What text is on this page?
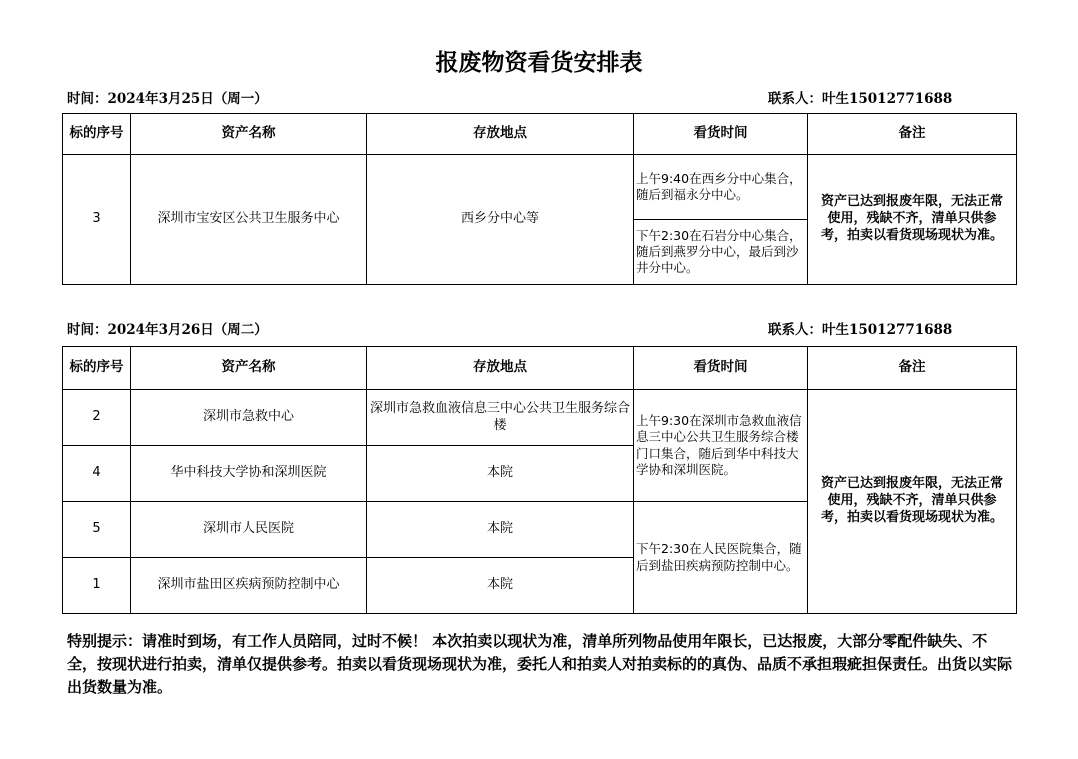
报废物资看货安排表
时间：2024年3月25日（周一）	联系人：叶生15012771688
标的序号	资产名称	存放地点	看货时间	备注
3	深圳市宝安区公共卫生服务中心	西乡分中心等	上午9:40在西乡分中心集合，随后到福永分中心。
下午2:30在石岩分中心集合，随后到燕罗分中心，最后到沙井分中心。	资产已达到报废年限，无法正常使用，残缺不齐，清单只供参考，拍卖以看货现场现状为准。
时间：2024年3月26日（周二）	联系人：叶生15012771688
标的序号	资产名称	存放地点	看货时间	备注
2	深圳市急救中心	深圳市急救血液信息三中心公共卫生服务综合楼	上午9:30在深圳市急救血液信息三中心公共卫生服务综合楼门口集合，随后到华中科技大学协和深圳医院。	资产已达到报废年限，无法正常使用，残缺不齐，清单只供参考，拍卖以看货现场现状为准。
4	华中科技大学协和深圳医院	本院		
5	深圳市人民医院	本院	下午2:30在人民医院集合，随后到盐田疾病预防控制中心。	
1	深圳市盐田区疾病预防控制中心	本院		
特别提示：请准时到场，有工作人员陪同，过时不候！ 本次拍卖以现状为准，清单所列物品使用年限长，已达报废，大部分零配件缺失、不全，按现状进行拍卖，清单仅提供参考。拍卖以看货现场现状为准，委托人和拍卖人对拍卖标的的真伪、品质不承担瑕疵担保责任。出货以实际出货数量为准。
